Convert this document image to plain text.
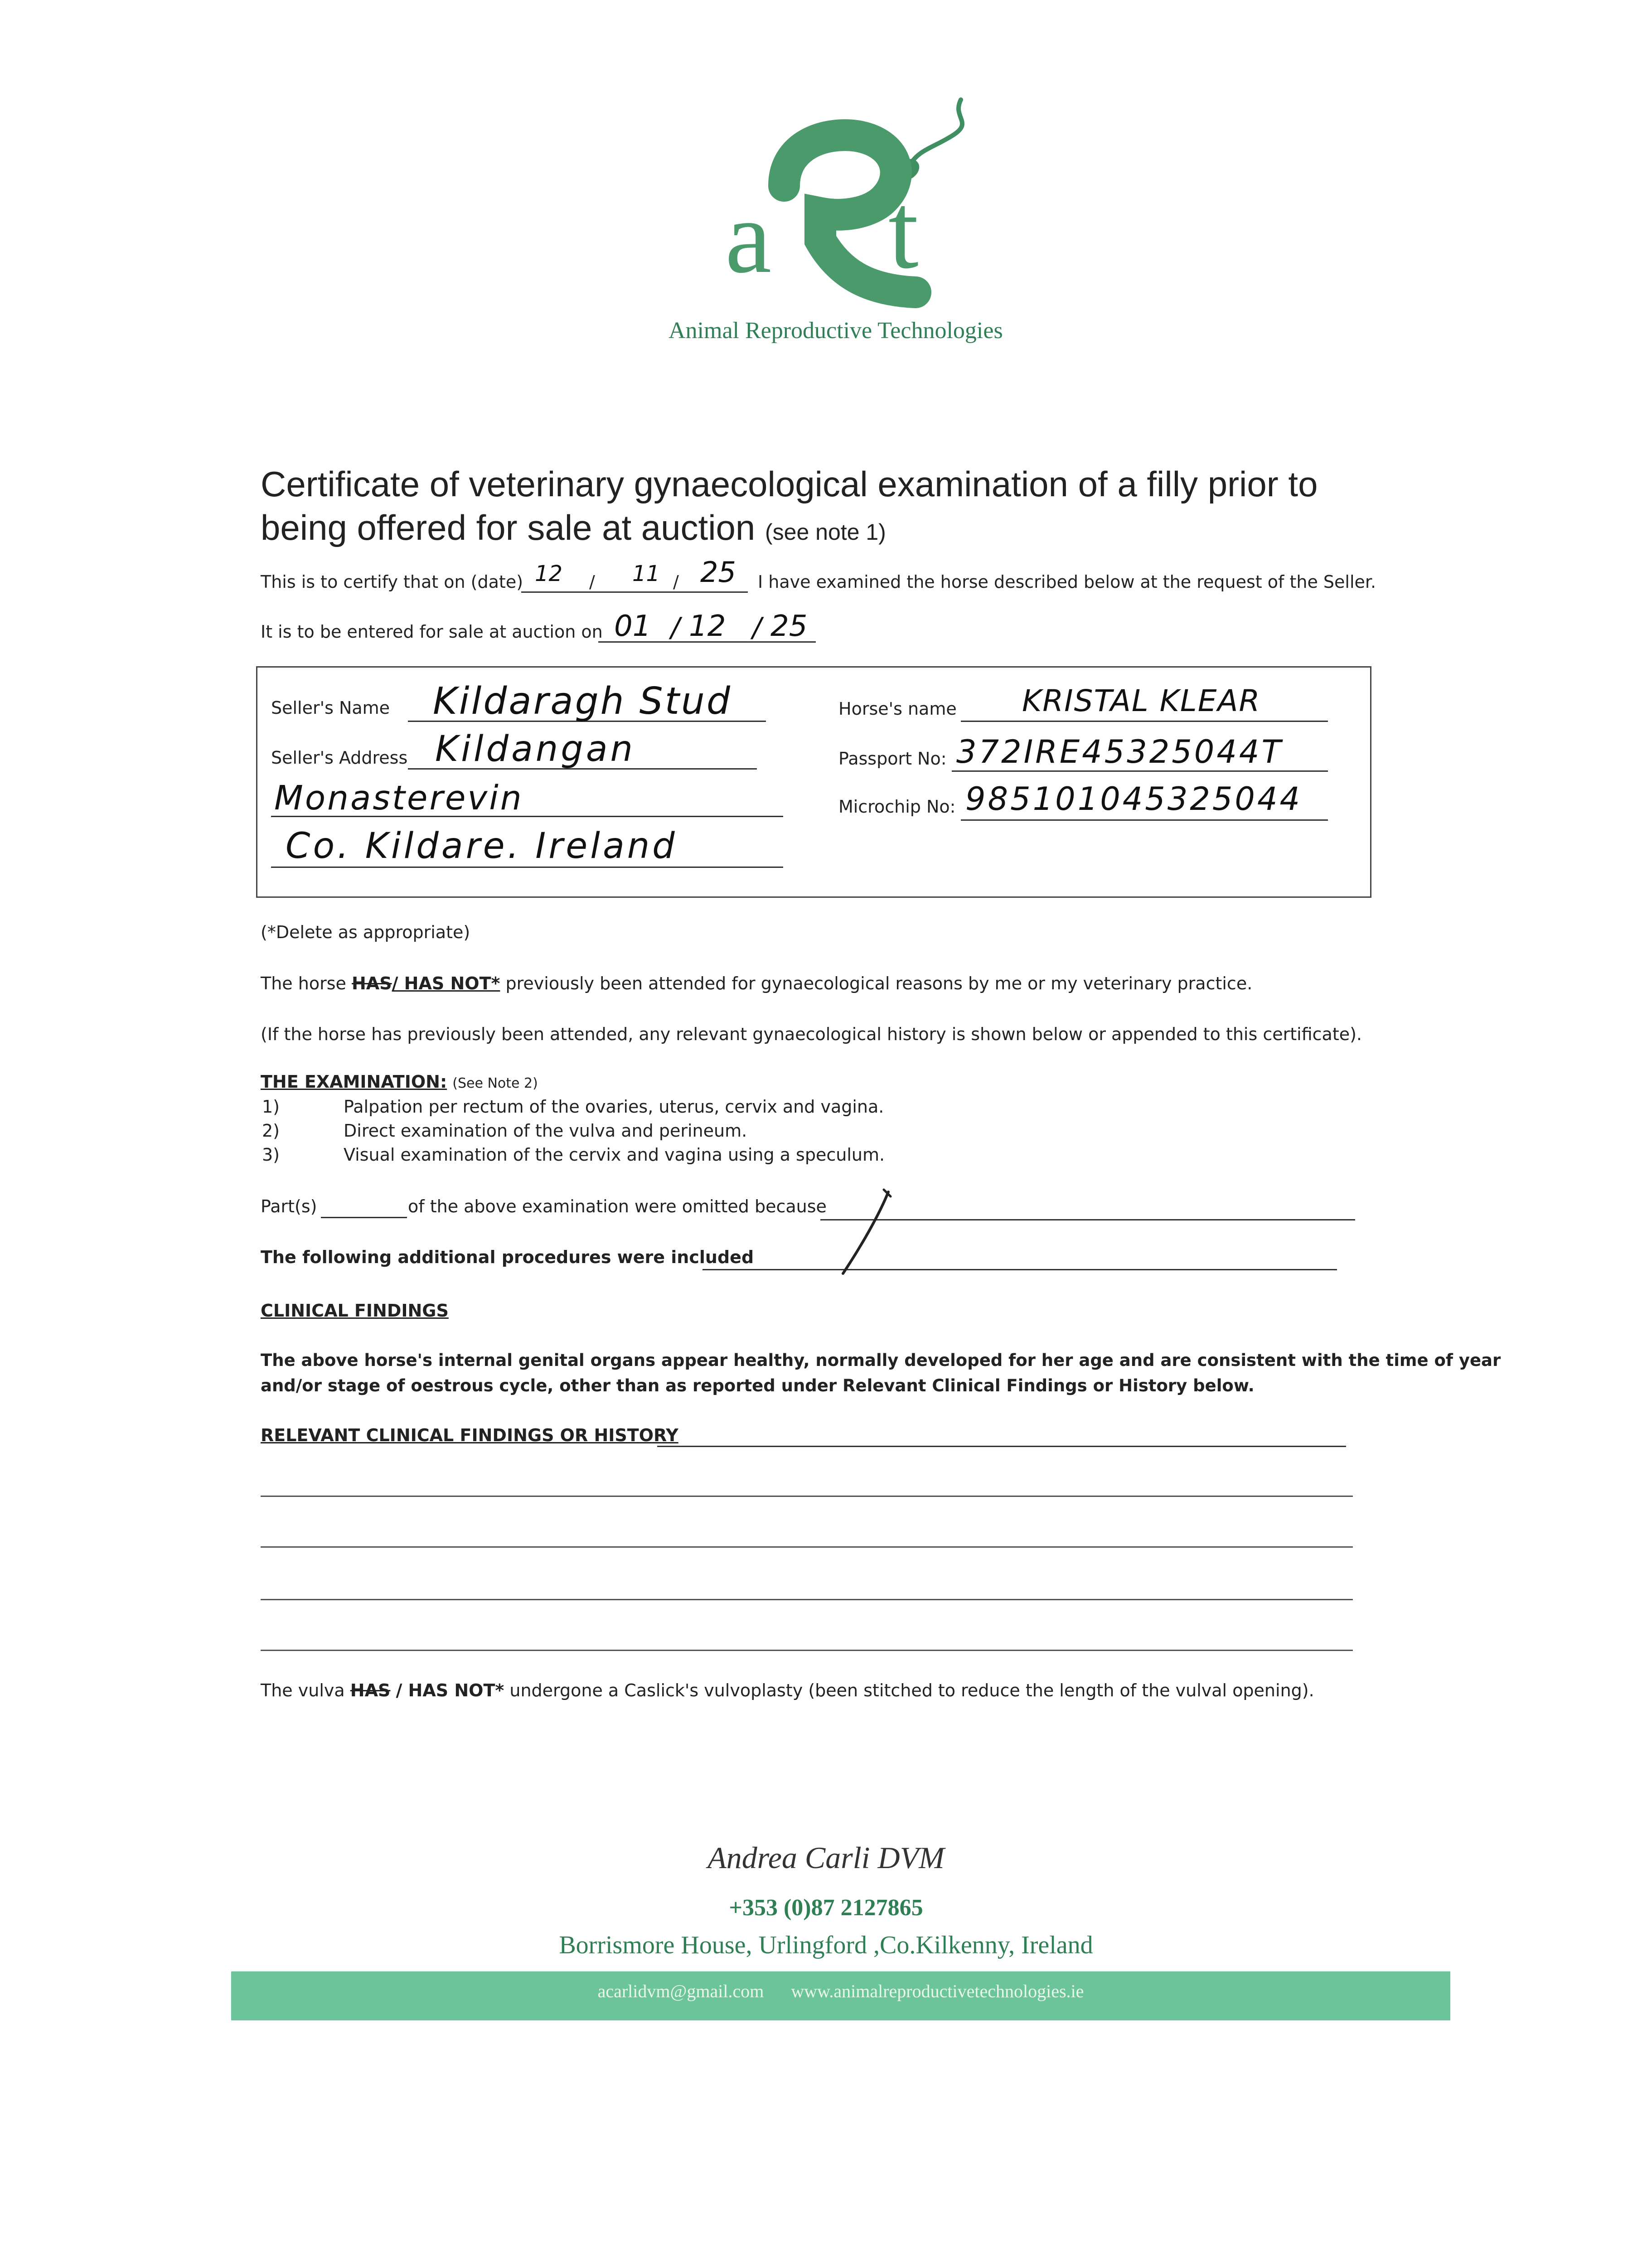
a t
Animal Reproductive Technologies
Certificate of veterinary gynaecological examination of a filly prior to
being offered for sale at auction (see note 1)
This is to certify that on (date) 12 / 11 / 25 I have examined the horse described below at the request of the Seller.
It is to be entered for sale at auction on 01 / 12 / 25
Seller's Name Kildaragh Stud
Seller's Address Kildangan
Monasterevin
Co. Kildare. Ireland
Horse's name KRISTAL KLEAR
Passport No: 372IRE45325044T
Microchip No: 985101045325044
(*Delete as appropriate)
The horse HAS/ HAS NOT* previously been attended for gynaecological reasons by me or my veterinary practice.
(If the horse has previously been attended, any relevant gynaecological history is shown below or appended to this certificate).
THE EXAMINATION: (See Note 2)
1)	Palpation per rectum of the ovaries, uterus, cervix and vagina.
2)	Direct examination of the vulva and perineum.
3)	Visual examination of the cervix and vagina using a speculum.
Part(s)	of the above examination were omitted because
The following additional procedures were included
CLINICAL FINDINGS
The above horse's internal genital organs appear healthy, normally developed for her age and are consistent with the time of year
and/or stage of oestrous cycle, other than as reported under Relevant Clinical Findings or History below.
RELEVANT CLINICAL FINDINGS OR HISTORY
The vulva HAS / HAS NOT* undergone a Caslick's vulvoplasty (been stitched to reduce the length of the vulval opening).
Andrea Carli DVM
+353 (0)87 2127865
Borrismore House, Urlingford ,Co.Kilkenny, Ireland
acarlidvm@gmail.com www.animalreproductivetechnologies.ie
